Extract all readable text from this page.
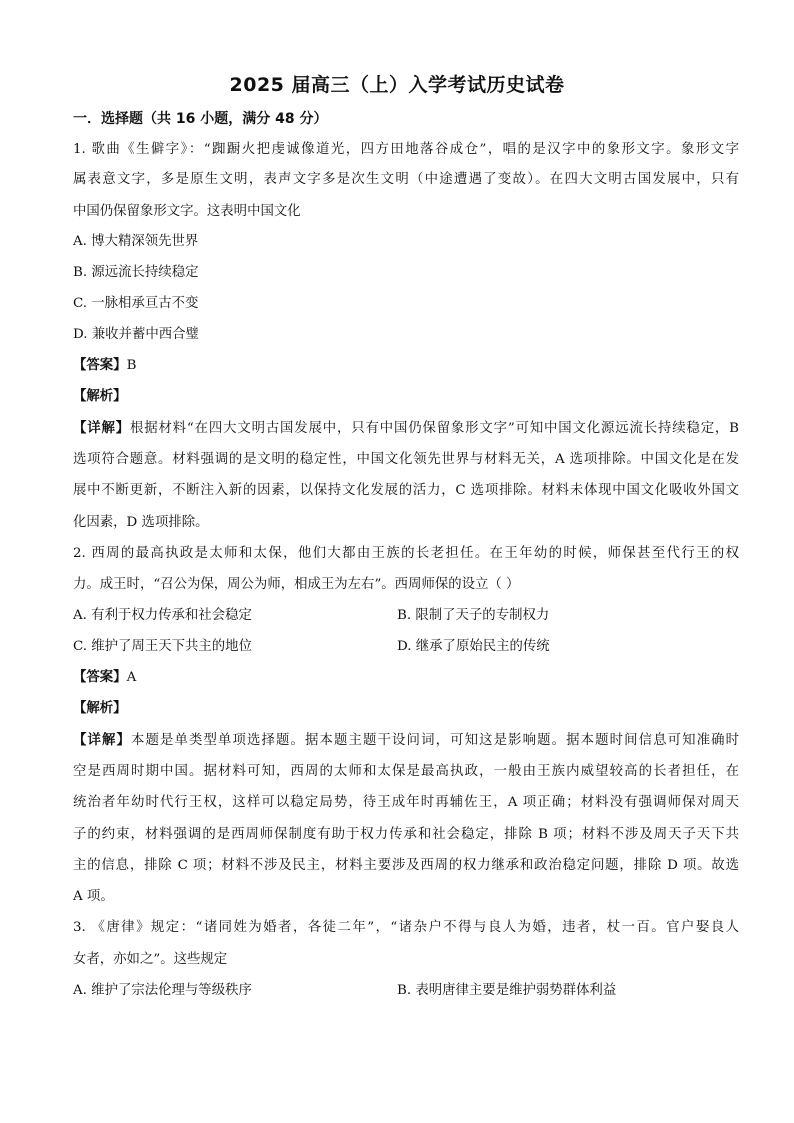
2025 届高三（上）入学考试历史试卷
一．选择题（共 16 小题，满分 48 分）
1. 歌曲《生僻字》：“踟蹰火把虔诚像道光，四方田地落谷成仓”，唱的是汉字中的象形文字。象形文字
属表意文字，多是原生文明，表声文字多是次生文明（中途遭遇了变故）。在四大文明古国发展中，只有
中国仍保留象形文字。这表明中国文化
A. 博大精深领先世界
B. 源远流长持续稳定
C. 一脉相承亘古不变
D. 兼收并蓄中西合璧
【答案】B
【解析】
【详解】根据材料“在四大文明古国发展中，只有中国仍保留象形文字”可知中国文化源远流长持续稳定，B
选项符合题意。材料强调的是文明的稳定性，中国文化领先世界与材料无关，A 选项排除。中国文化是在发
展中不断更新，不断注入新的因素，以保持文化发展的活力，C 选项排除。材料未体现中国文化吸收外国文
化因素，D 选项排除。
2. 西周的最高执政是太师和太保，他们大都由王族的长老担任。在王年幼的时候，师保甚至代行王的权
力。成王时，“召公为保，周公为师，相成王为左右”。西周师保的设立（ ）
A. 有利于权力传承和社会稳定	B. 限制了天子的专制权力
C. 维护了周王天下共主的地位	D. 继承了原始民主的传统
【答案】A
【解析】
【详解】本题是单类型单项选择题。据本题主题干设问词，可知这是影响题。据本题时间信息可知准确时
空是西周时期中国。据材料可知，西周的太师和太保是最高执政，一般由王族内威望较高的长者担任，在
统治者年幼时代行王权，这样可以稳定局势，待王成年时再辅佐王，A 项正确；材料没有强调师保对周天
子的约束，材料强调的是西周师保制度有助于权力传承和社会稳定，排除 B 项；材料不涉及周天子天下共
主的信息，排除 C 项；材料不涉及民主，材料主要涉及西周的权力继承和政治稳定问题，排除 D 项。故选
A 项。
3. 《唐律》规定：“诸同姓为婚者，各徒二年”，“诸杂户不得与良人为婚，违者，杖一百。官户娶良人
女者，亦如之”。这些规定
A. 维护了宗法伦理与等级秩序	B. 表明唐律主要是维护弱势群体利益
